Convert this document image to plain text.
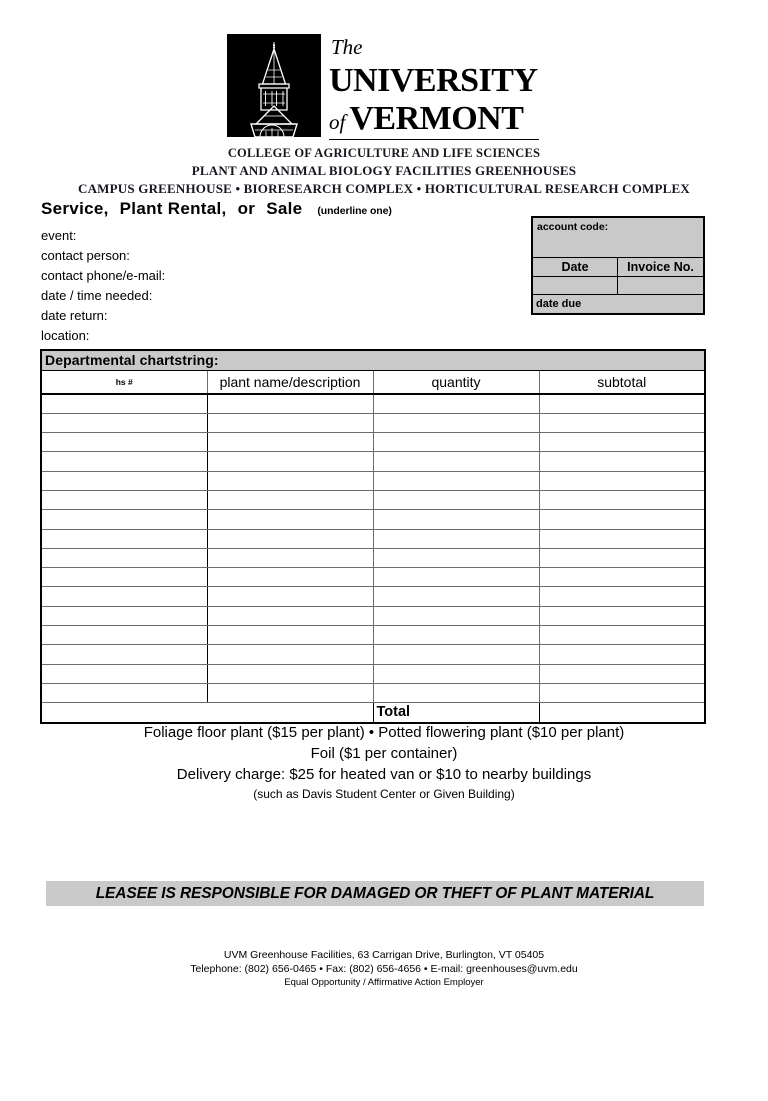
The
UNIVERSITY
of VERMONT
COLLEGE OF AGRICULTURE AND LIFE SCIENCES
PLANT AND ANIMAL BIOLOGY FACILITIES GREENHOUSES
CAMPUS GREENHOUSE • BIORESEARCH COMPLEX • HORTICULTURAL RESEARCH COMPLEX
Service, Plant Rental, or Sale (underline one)
event:
contact person:
contact phone/e-mail:
date / time needed:
date return:
location:
account code:
Date	Invoice No.
date due
Departmental chartstring:			
hs #	plant name/description	quantity	subtotal

		Total	
Foliage floor plant ($15 per plant) • Potted flowering plant ($10 per plant)
Foil ($1 per container)
Delivery charge: $25 for heated van or $10 to nearby buildings
(such as Davis Student Center or Given Building)
LEASEE IS RESPONSIBLE FOR DAMAGED OR THEFT OF PLANT MATERIAL
UVM Greenhouse Facilities, 63 Carrigan Drive, Burlington, VT 05405
Telephone: (802) 656-0465 • Fax: (802) 656-4656 • E-mail: greenhouses@uvm.edu
Equal Opportunity / Affirmative Action Employer
